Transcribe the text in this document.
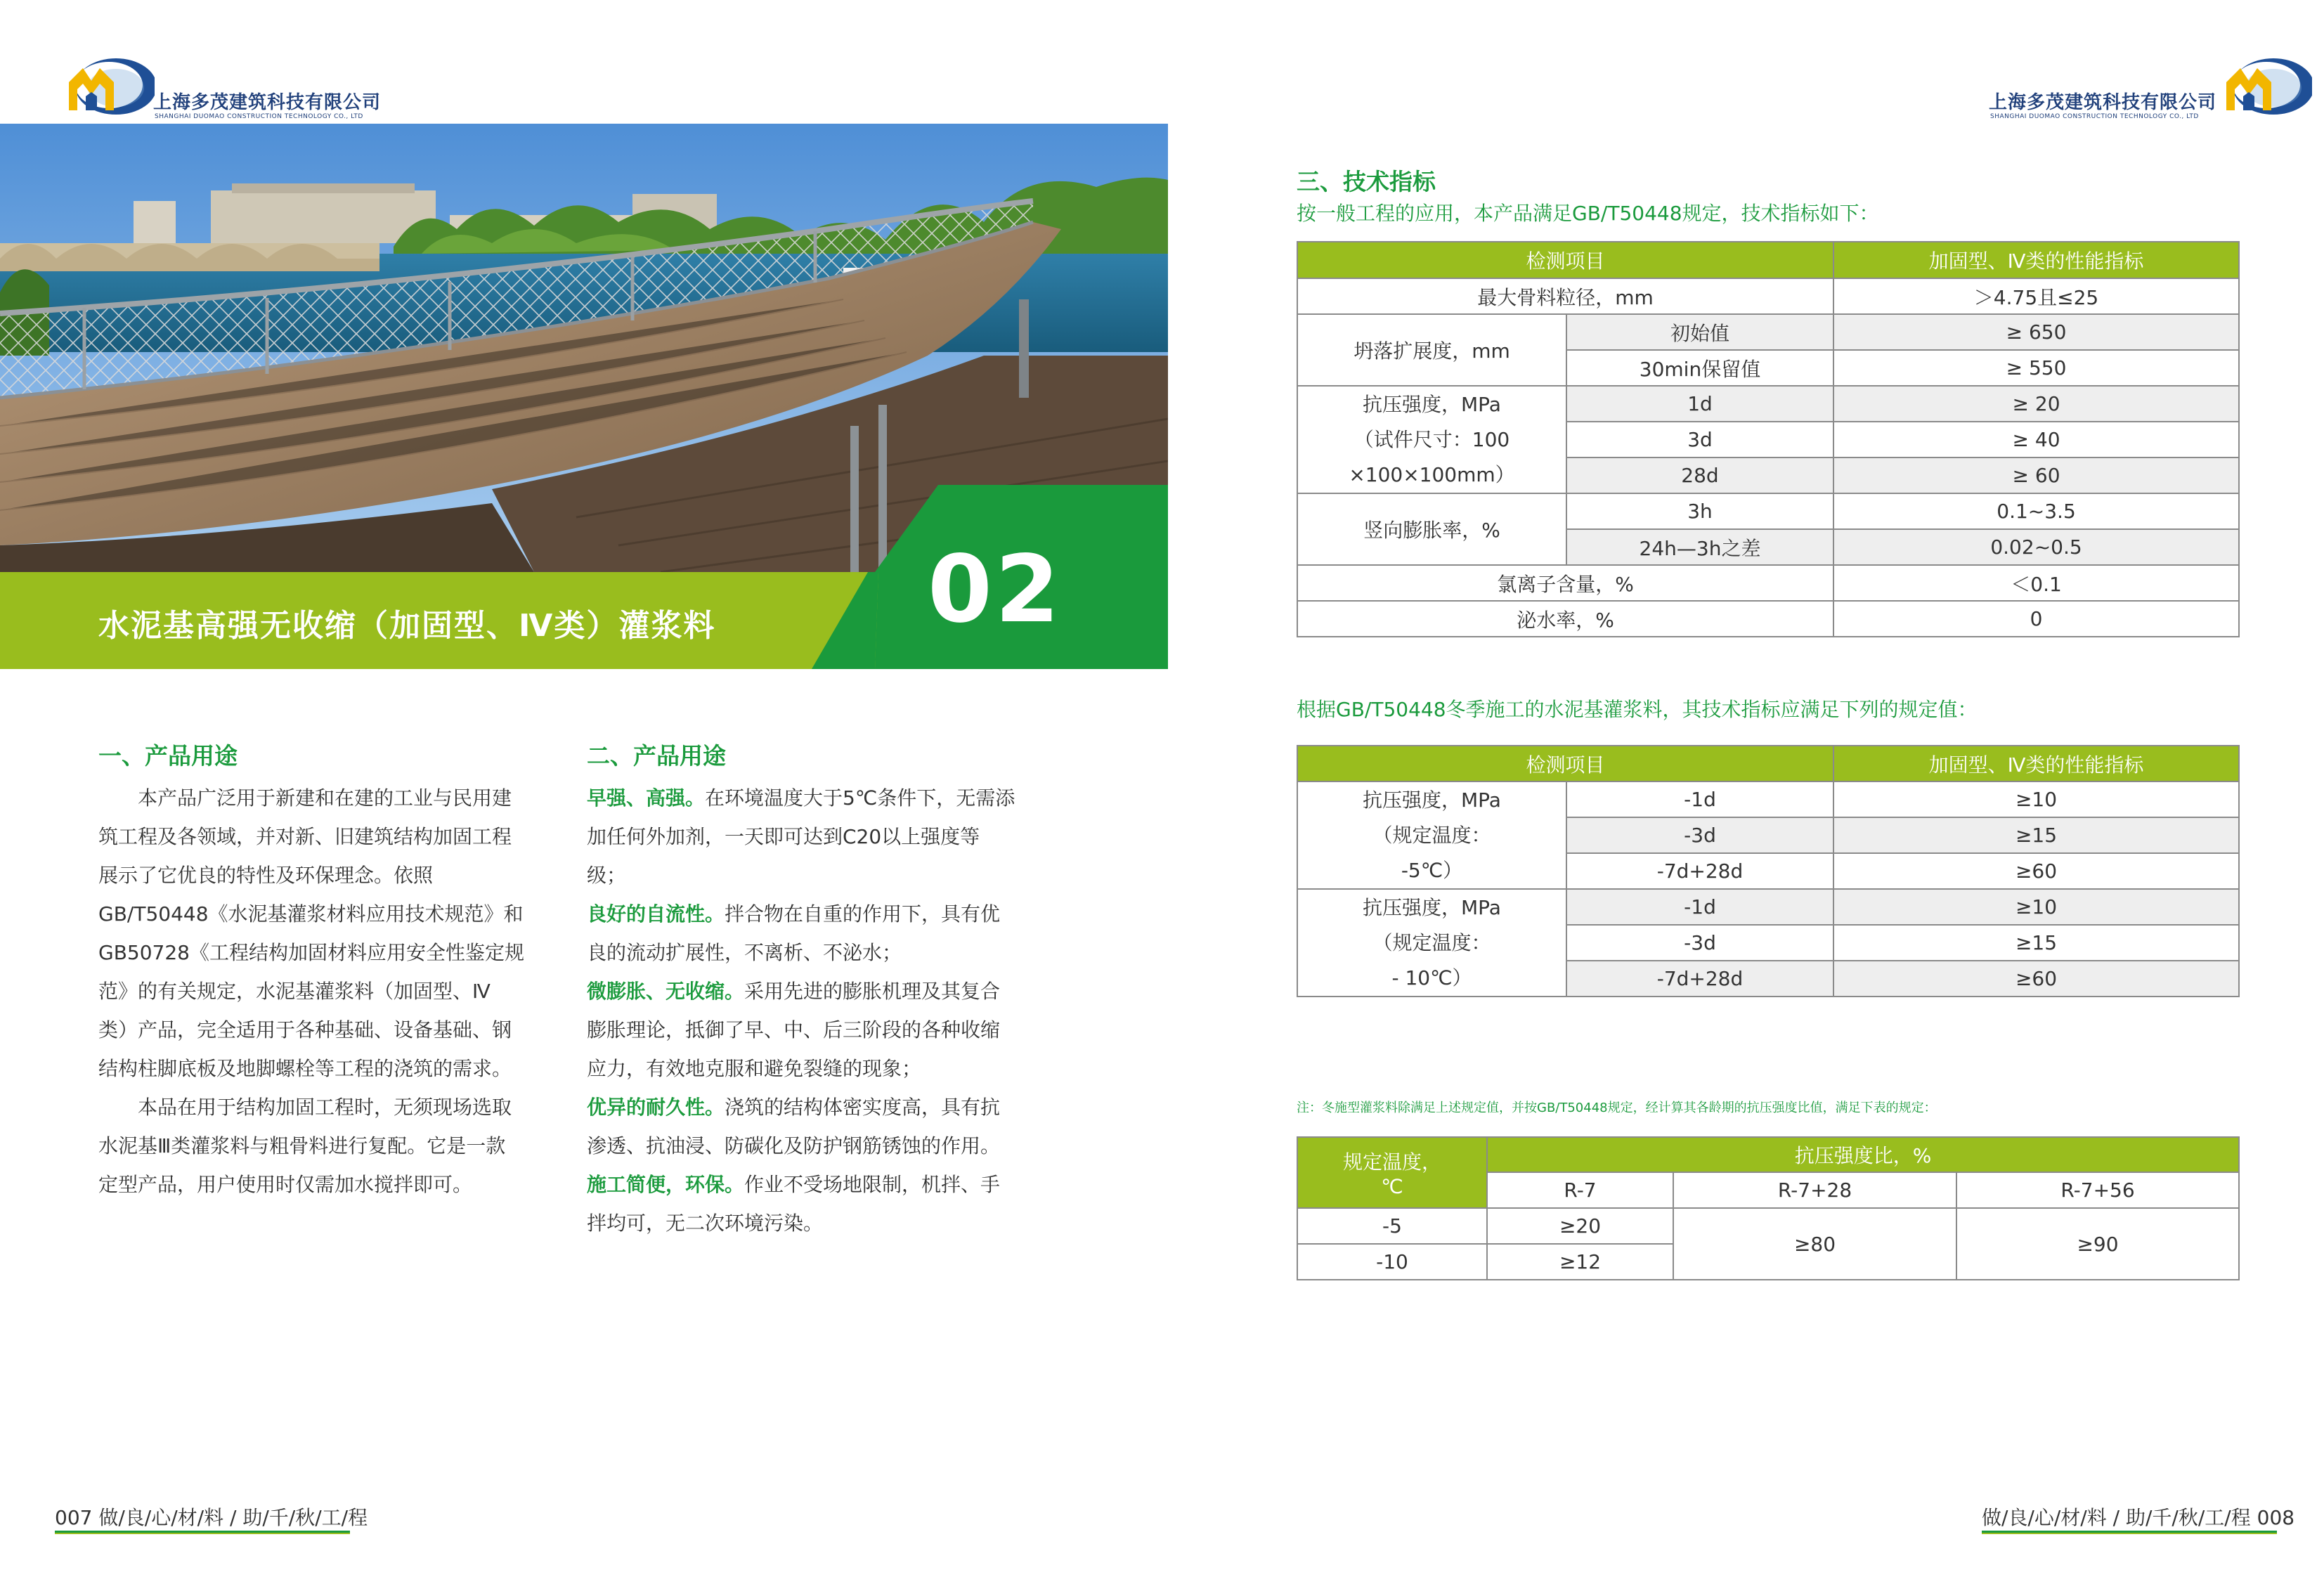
上海多茂建筑科技有限公司
SHANGHAI DUOMAO CONSTRUCTION TECHNOLOGY CO., LTD
上海多茂建筑科技有限公司
SHANGHAI DUOMAO CONSTRUCTION TECHNOLOGY CO., LTD
水泥基高强无收缩（加固型、Ⅳ类）灌浆料 02
一、产品用途

本产品广泛用于新建和在建的工业与民用建

筑工程及各领域，并对新、旧建筑结构加固工程

展示了它优良的特性及环保理念。依照

GB/T50448《水泥基灌浆材料应用技术规范》和

GB50728《工程结构加固材料应用安全性鉴定规

范》的有关规定，水泥基灌浆料（加固型、Ⅳ

类）产品，完全适用于各种基础、设备基础、钢

结构柱脚底板及地脚螺栓等工程的浇筑的需求。

本品在用于结构加固工程时，无须现场选取

水泥基Ⅲ类灌浆料与粗骨料进行复配。它是一款

定型产品，用户使用时仅需加水搅拌即可。

二、产品用途

早强、高强。在环境温度大于5℃条件下，无需添

加任何外加剂，一天即可达到C20以上强度等

级；

良好的自流性。拌合物在自重的作用下，具有优

良的流动扩展性，不离析、不泌水；

微膨胀、无收缩。采用先进的膨胀机理及其复合

膨胀理论，抵御了早、中、后三阶段的各种收缩

应力，有效地克服和避免裂缝的现象；

优异的耐久性。浇筑的结构体密实度高，具有抗

渗透、抗油浸、防碳化及防护钢筋锈蚀的作用。

施工简便，环保。作业不受场地限制，机拌、手

拌均可，无二次环境污染。

三、技术指标
按一般工程的应用，本产品满足GB/T50448规定，技术指标如下：
检测项目		加固型、Ⅳ类的性能指标
最大骨料粒径，mm		＞4.75且≤25
坍落扩展度，mm	初始值	≥ 650
	30min保留值	≥ 550

抗压强度，MPa
（试件尺寸：100
×100×100mm）	1d	≥ 20
	3d	≥ 40
	28d	≥ 60
竖向膨胀率，%	3h	0.1~3.5
	24h—3h之差	0.02~0.5
氯离子含量，%		＜0.1
泌水率，%		0
根据GB/T50448冬季施工的水泥基灌浆料，其技术指标应满足下列的规定值：
检测项目		加固型、Ⅳ类的性能指标

抗压强度，MPa
（规定温度：
-5℃）	-1d	≥10
	-3d	≥15
	-7d+28d	≥60

抗压强度，MPa
（规定温度：
- 10℃）	-1d	≥10
	-3d	≥15
	-7d+28d	≥60
注：冬施型灌浆料除满足上述规定值，并按GB/T50448规定，经计算其各龄期的抗压强度比值，满足下表的规定：
规定温度，
℃	抗压强度比，%		
	R-7	R-7+28	R-7+56
-5	≥20	≥80	≥90
-10	≥12		
007 做/良/心/材/料 / 助/千/秋/工/程	做/良/心/材/料 / 助/千/秋/工/程 008
